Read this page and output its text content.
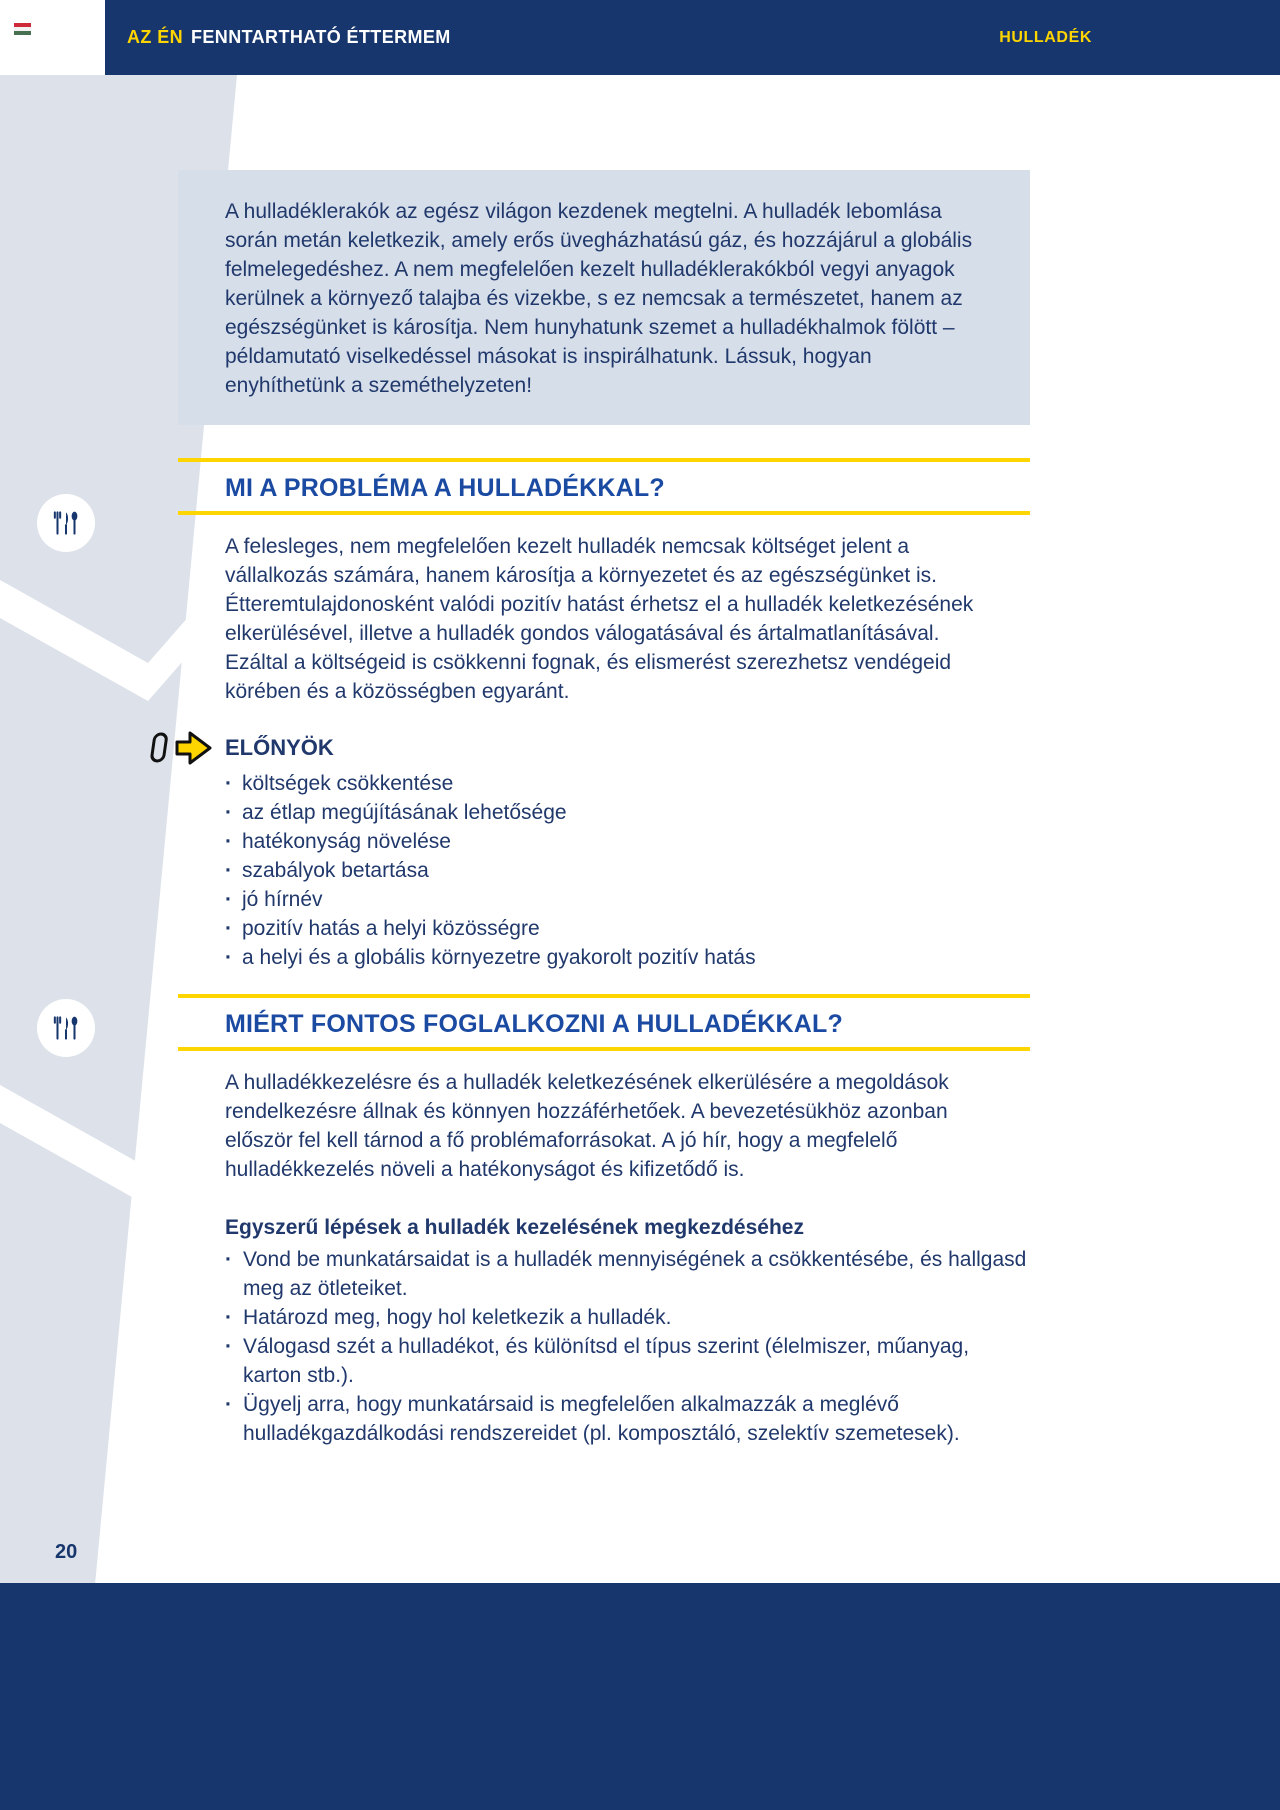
AZ ÉN FENNTARTHATÓ ÉTTERMEM	HULLADÉK
A hulladéklerakók az egész világon kezdenek megtelni. A hulladék lebomlása során metán keletkezik, amely erős üvegházhatású gáz, és hozzájárul a globális felmelegedéshez. A nem megfelelően kezelt hulladéklerakókból vegyi anyagok kerülnek a környező talajba és vizekbe, s ez nemcsak a természetet, hanem az egészségünket is károsítja. Nem hunyhatunk szemet a hulladékhalmok fölött – példamutató viselkedéssel másokat is inspirálhatunk. Lássuk, hogyan enyhíthetünk a szeméthelyzeten!
MI A PROBLÉMA A HULLADÉKKAL?
A felesleges, nem megfelelően kezelt hulladék nemcsak költséget jelent a vállalkozás számára, hanem károsítja a környezetet és az egészségünket is. Étteremtulajdonosként valódi pozitív hatást érhetsz el a hulladék keletkezésének elkerülésével, illetve a hulladék gondos válogatásával és ártalmatlanításával. Ezáltal a költségeid is csökkenni fognak, és elismerést szerezhetsz vendégeid körében és a közösségben egyaránt.
ELŐNYÖK
· költségek csökkentése
· az étlap megújításának lehetősége
· hatékonyság növelése
· szabályok betartása
· jó hírnév
· pozitív hatás a helyi közösségre
· a helyi és a globális környezetre gyakorolt pozitív hatás
MIÉRT FONTOS FOGLALKOZNI A HULLADÉKKAL?
A hulladékkezelésre és a hulladék keletkezésének elkerülésére a megoldások rendelkezésre állnak és könnyen hozzáférhetőek. A bevezetésükhöz azonban először fel kell tárnod a fő problémaforrásokat. A jó hír, hogy a megfelelő hulladékkezelés növeli a hatékonyságot és kifizetődő is.
Egyszerű lépések a hulladék kezelésének megkezdéséhez
· Vond be munkatársaidat is a hulladék mennyiségének a csökkentésébe, és hallgasd meg az ötleteiket.
· Határozd meg, hogy hol keletkezik a hulladék.
· Válogasd szét a hulladékot, és különítsd el típus szerint (élelmiszer, műanyag, karton stb.).
· Ügyelj arra, hogy munkatársaid is megfelelően alkalmazzák a meglévő hulladékgazdálkodási rendszereidet (pl. komposztáló, szelektív szemetesek).
20
